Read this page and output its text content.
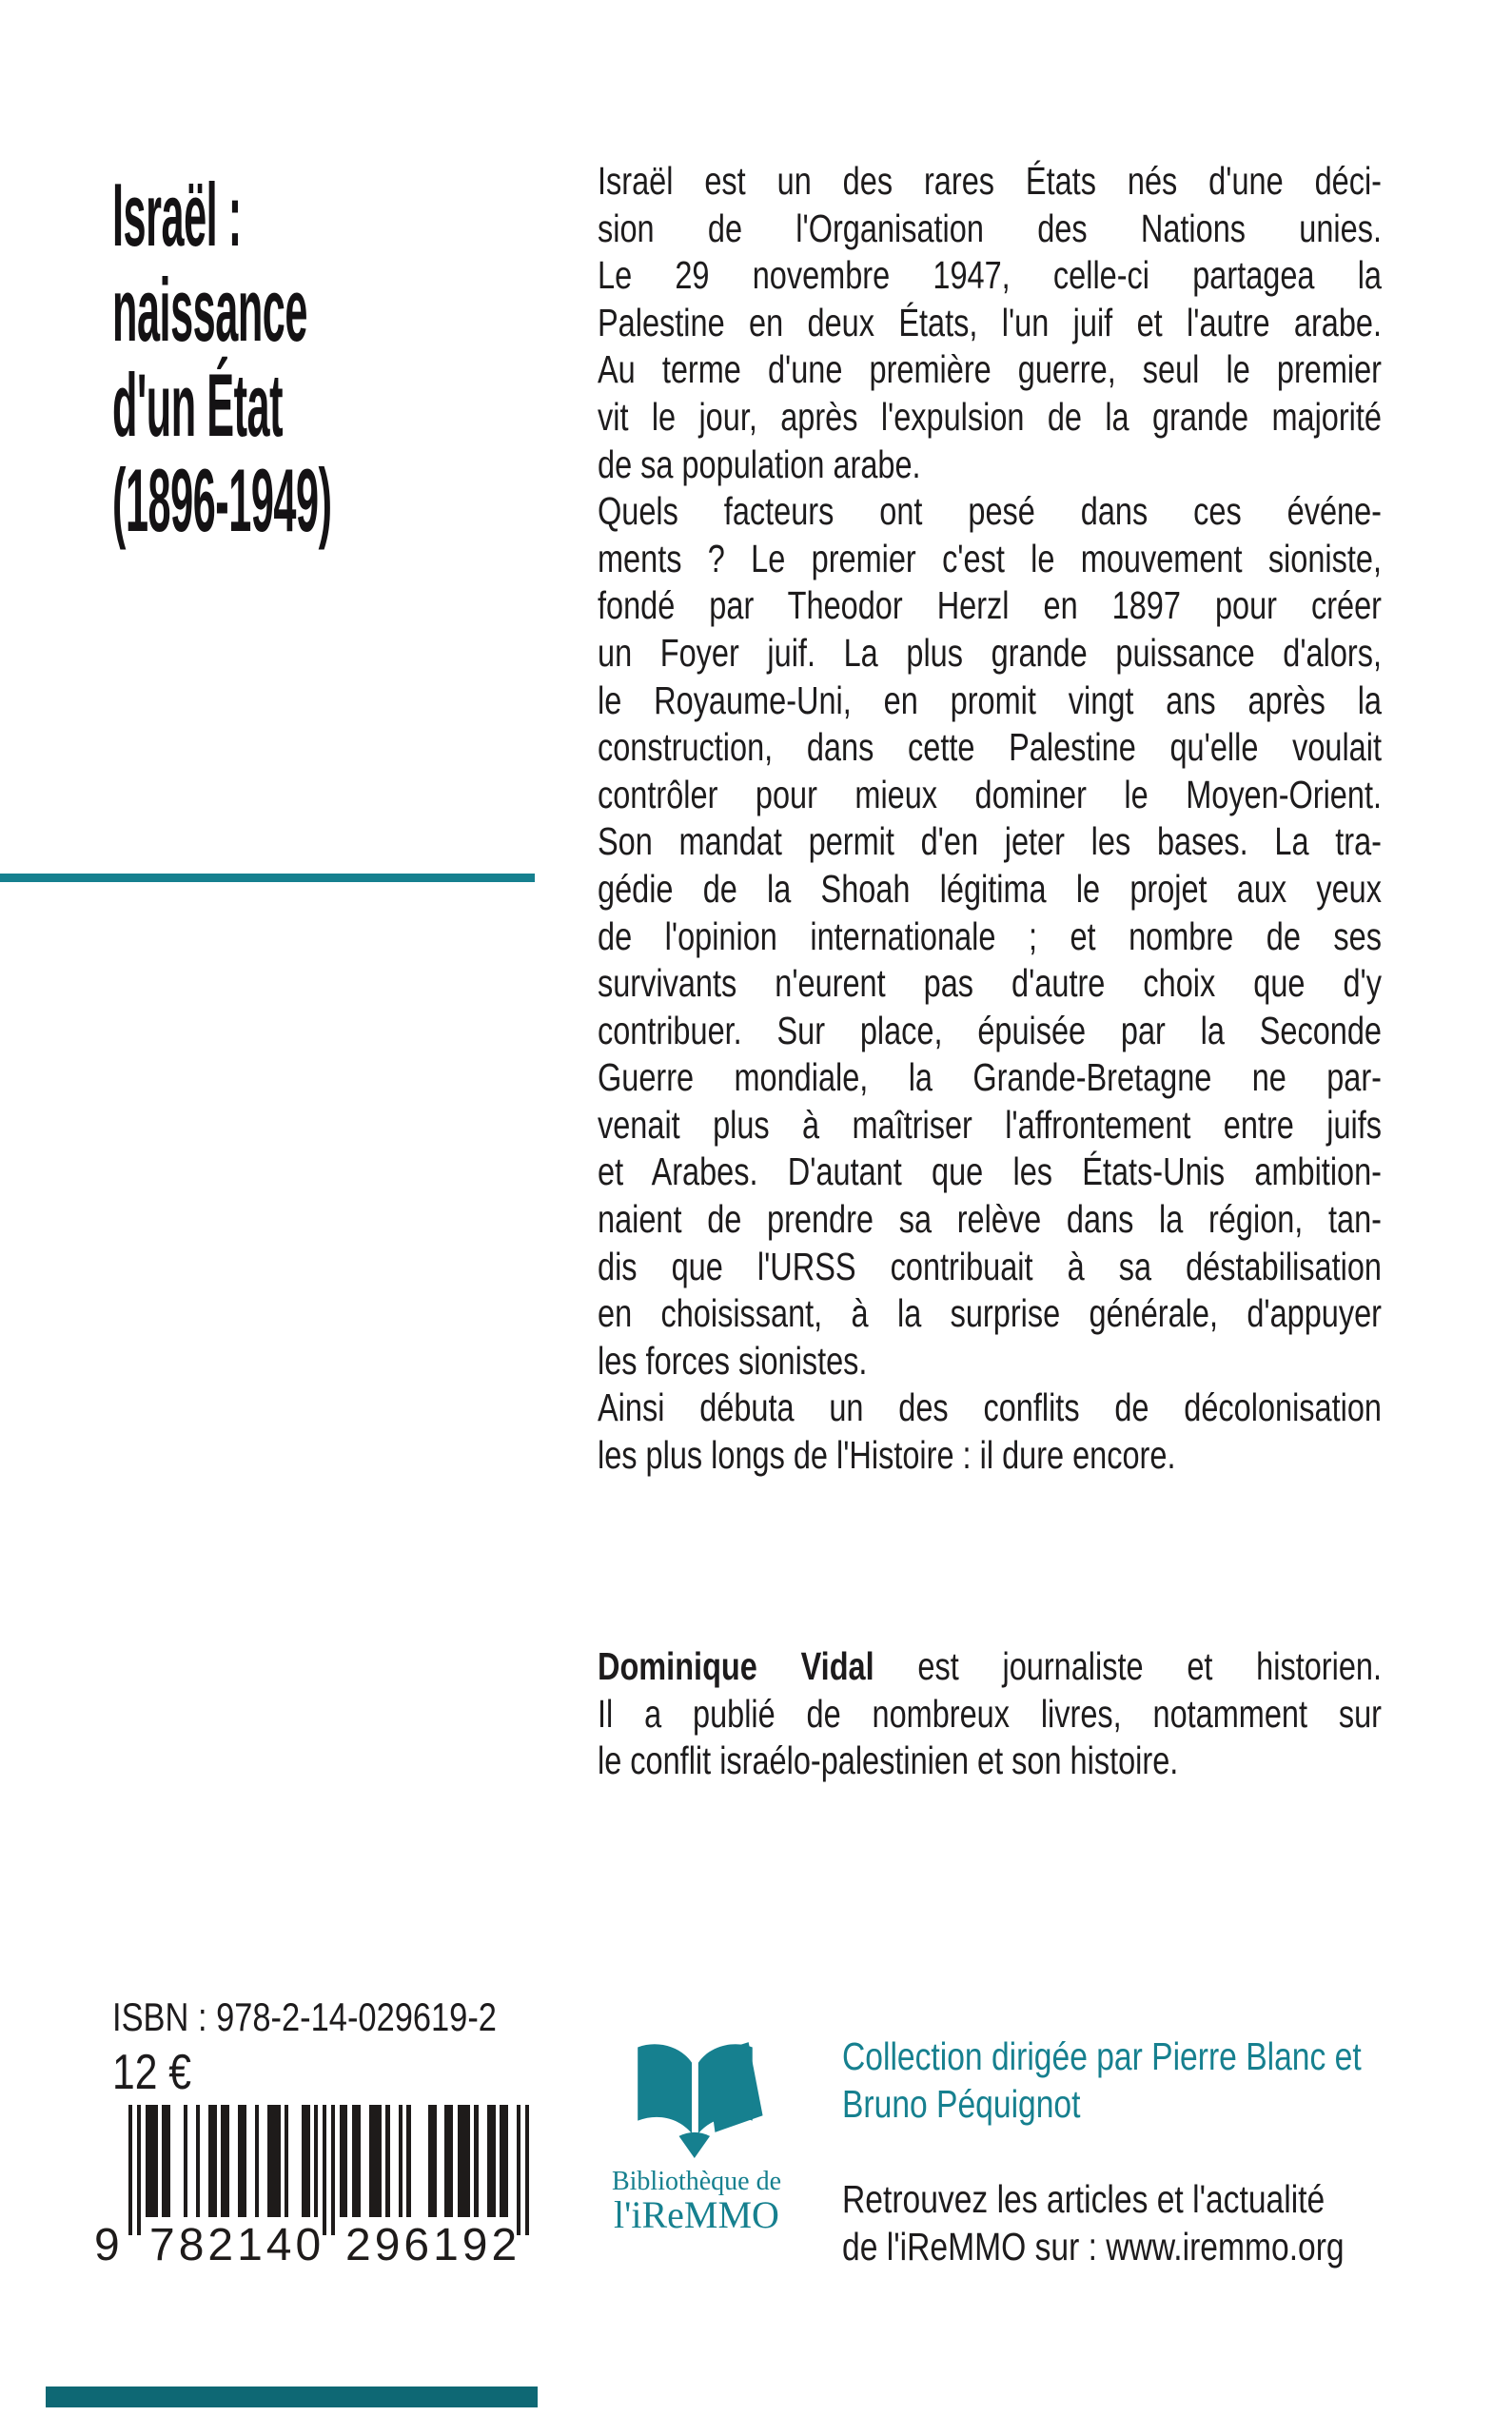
Israël :
naissance
d'un État
(1896-1949)
Israël est un des rares États nés d'une déci-
sion de l'Organisation des Nations unies.
Le 29 novembre 1947, celle-ci partagea la
Palestine en deux États, l'un juif et l'autre arabe.
Au terme d'une première guerre, seul le premier
vit le jour, après l'expulsion de la grande majorité
de sa population arabe.
Quels facteurs ont pesé dans ces événe-
ments ? Le premier c'est le mouvement sioniste,
fondé par Theodor Herzl en 1897 pour créer
un Foyer juif. La plus grande puissance d'alors,
le Royaume-Uni, en promit vingt ans après la
construction, dans cette Palestine qu'elle voulait
contrôler pour mieux dominer le Moyen-Orient.
Son mandat permit d'en jeter les bases. La tra-
gédie de la Shoah légitima le projet aux yeux
de l'opinion internationale ; et nombre de ses
survivants n'eurent pas d'autre choix que d'y
contribuer. Sur place, épuisée par la Seconde
Guerre mondiale, la Grande-Bretagne ne par-
venait plus à maîtriser l'affrontement entre juifs
et Arabes. D'autant que les États-Unis ambition-
naient de prendre sa relève dans la région, tan-
dis que l'URSS contribuait à sa déstabilisation
en choisissant, à la surprise générale, d'appuyer
les forces sionistes.
Ainsi débuta un des conflits de décolonisation
les plus longs de l'Histoire : il dure encore.
Dominique Vidal est journaliste et historien.
Il a publié de nombreux livres, notamment sur
le conflit israélo-palestinien et son histoire.
ISBN : 978-2-14-029619-2
12 €
9 782140 296192
Bibliothèque de
l'iReMMO
Collection dirigée par Pierre Blanc et
Bruno Péquignot
Retrouvez les articles et l'actualité
de l'iReMMO sur : www.iremmo.org
